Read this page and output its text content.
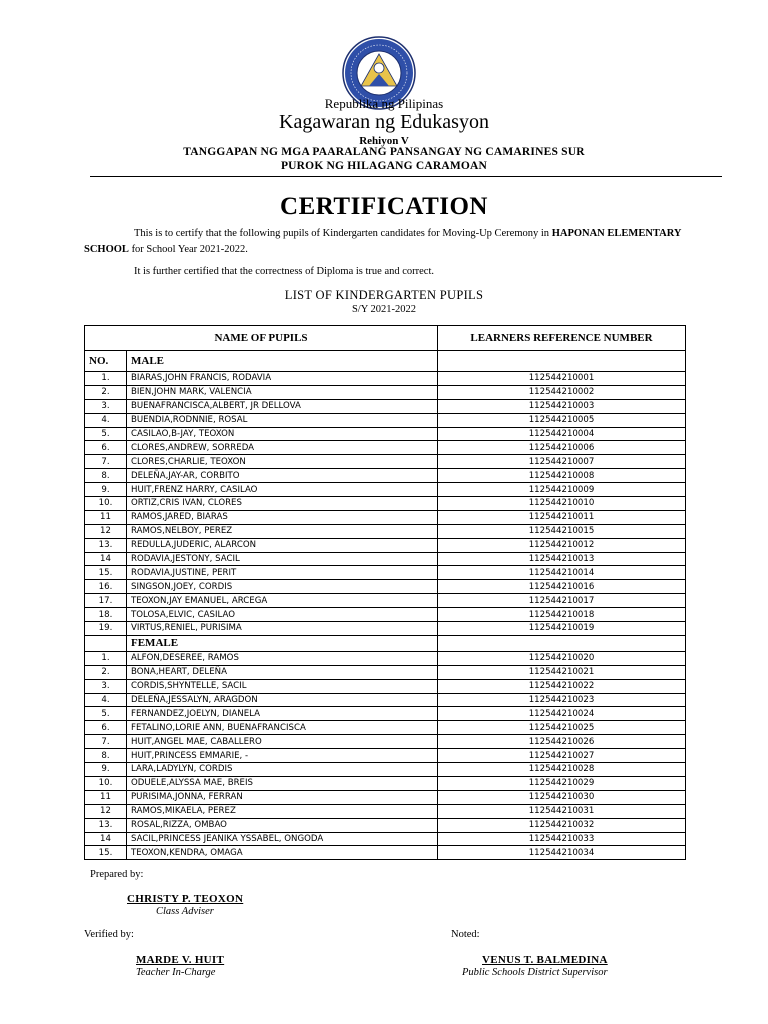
Republika ng Pilipinas
Kagawaran ng Edukasyon
Rehiyon V
TANGGAPAN NG MGA PAARALANG PANSANGAY NG CAMARINES SUR
PUROK NG HILAGANG CARAMOAN
CERTIFICATION
This is to certify that the following pupils of Kindergarten candidates for Moving-Up Ceremony in HAPONAN ELEMENTARY SCHOOL for School Year 2021-2022.
It is further certified that the correctness of Diploma is true and correct.
LIST OF KINDERGARTEN PUPILS
S/Y 2021-2022
NAME OF PUPILS		LEARNERS REFERENCE NUMBER
NO.	MALE	
1.	BIARAS,JOHN FRANCIS, RODAVIA	112544210001
2.	BIEN,JOHN MARK, VALENCIA	112544210002
3.	BUENAFRANCISCA,ALBERT, JR DELLOVA	112544210003
4.	BUENDIA,RODNNIE, ROSAL	112544210005
5.	CASILAO,B-JAY, TEOXON	112544210004
6.	CLORES,ANDREW, SORREDA	112544210006
7.	CLORES,CHARLIE, TEOXON	112544210007
8.	DELEÑA,JAY-AR, CORBITO	112544210008
9.	HUIT,FRENZ HARRY, CASILAO	112544210009
10.	ORTIZ,CRIS IVAN, CLORES	112544210010
11	RAMOS,JARED, BIARAS	112544210011
12	RAMOS,NELBOY, PEREZ	112544210015
13.	REDULLA,JUDERIC, ALARCON	112544210012
14	RODAVIA,JESTONY, SACIL	112544210013
15.	RODAVIA,JUSTINE, PERIT	112544210014
16.	SINGSON,JOEY, CORDIS	112544210016
17.	TEOXON,JAY EMANUEL, ARCEGA	112544210017
18.	TOLOSA,ELVIC, CASILAO	112544210018
19.	VIRTUS,RENIEL, PURISIMA	112544210019
	FEMALE	
1.	ALFON,DESEREE, RAMOS	112544210020
2.	BONA,HEART, DELEÑA	112544210021
3.	CORDIS,SHYNTELLE, SACIL	112544210022
4.	DELEÑA,JESSALYN, ARAGDON	112544210023
5.	FERNANDEZ,JOELYN, DIANELA	112544210024
6.	FETALINO,LORIE ANN, BUENAFRANCISCA	112544210025
7.	HUIT,ANGEL MAE, CABALLERO	112544210026
8.	HUIT,PRINCESS EMMARIE, -	112544210027
9.	LARA,LADYLYN, CORDIS	112544210028
10.	ODUELE,ALYSSA MAE, BREIS	112544210029
11	PURISIMA,JONNA, FERRAN	112544210030
12	RAMOS,MIKAELA, PEREZ	112544210031
13.	ROSAL,RIZZA, OMBAO	112544210032
14	SACIL,PRINCESS JEANIKA YSSABEL, ONGODA	112544210033
15.	TEOXON,KENDRA, OMAGA	112544210034
Prepared by:
CHRISTY P. TEOXON
Class Adviser
Verified by:
MARDE V. HUIT
Teacher In-Charge
Noted:
VENUS T. BALMEDINA
Public Schools District Supervisor
